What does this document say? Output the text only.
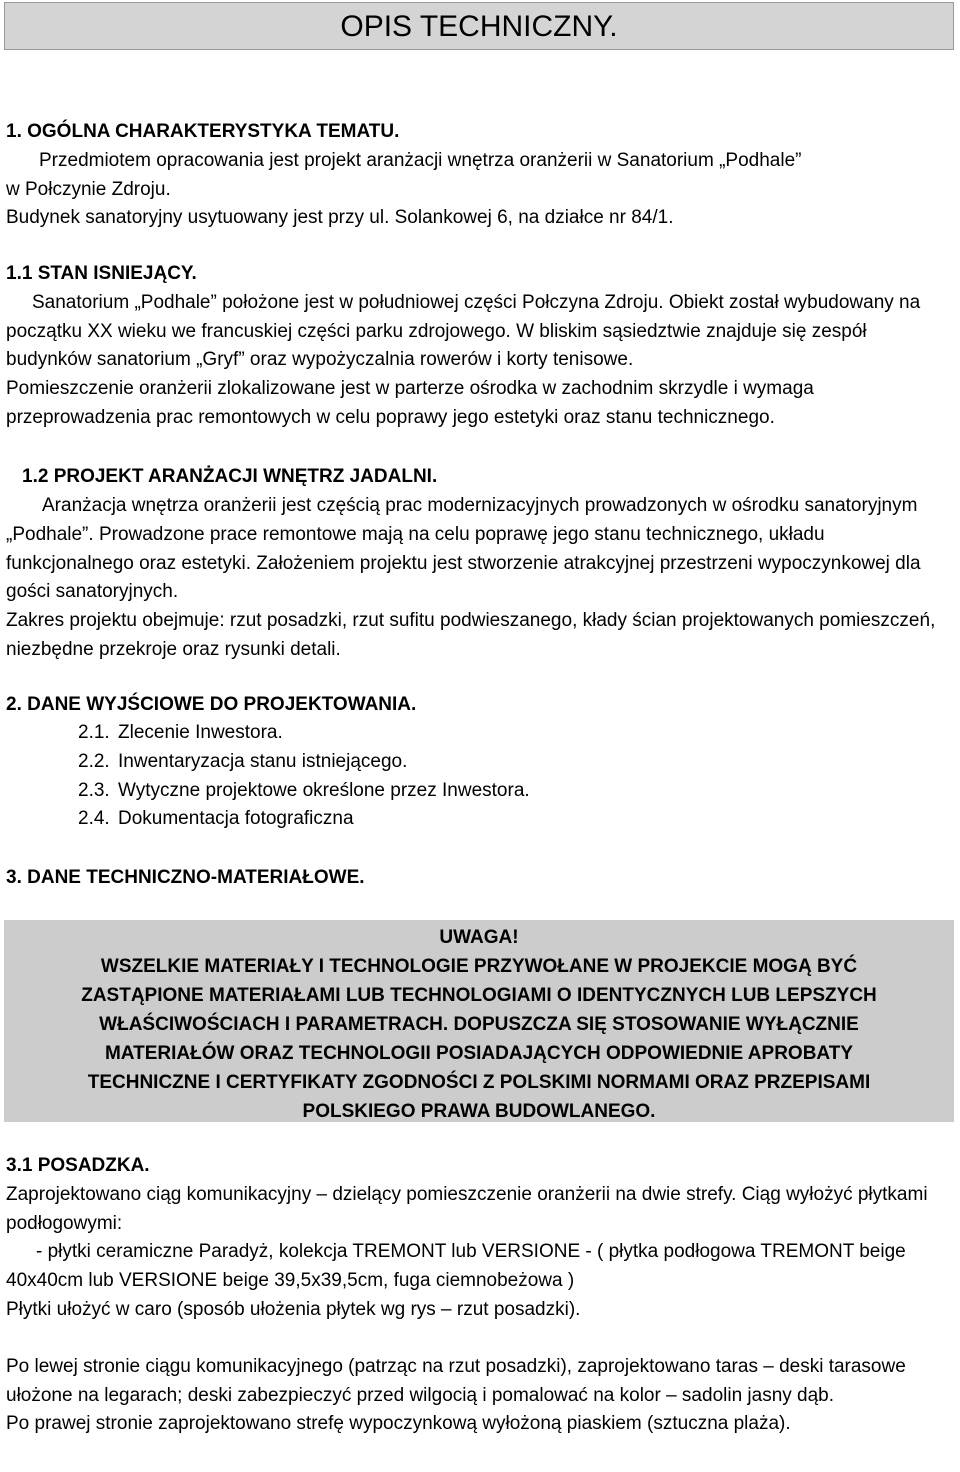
OPIS TECHNICZNY.

1. OGÓLNA CHARAKTERYSTYKA TEMATU.

Przedmiotem opracowania jest projekt aranżacji wnętrza oranżerii w Sanatorium „Podhale”

w Połczynie Zdroju.

Budynek sanatoryjny usytuowany jest przy ul. Solankowej 6, na działce nr 84/1.

1.1 STAN ISNIEJĄCY.

Sanatorium „Podhale” położone jest w południowej części Połczyna Zdroju. Obiekt został wybudowany na początku XX wieku we francuskiej części parku zdrojowego. W bliskim sąsiedztwie znajduje się zespół budynków sanatorium „Gryf” oraz wypożyczalnia rowerów i korty tenisowe.

Pomieszczenie oranżerii zlokalizowane jest w parterze ośrodka w zachodnim skrzydle i wymaga przeprowadzenia prac remontowych w celu poprawy jego estetyki oraz stanu technicznego.

1.2 PROJEKT ARANŻACJI WNĘTRZ JADALNI.

Aranżacja wnętrza oranżerii jest częścią prac modernizacyjnych prowadzonych w ośrodku sanatoryjnym „Podhale”. Prowadzone prace remontowe mają na celu poprawę jego stanu technicznego, układu funkcjonalnego oraz estetyki. Założeniem projektu jest stworzenie atrakcyjnej przestrzeni wypoczynkowej dla gości sanatoryjnych.

Zakres projektu obejmuje: rzut posadzki, rzut sufitu podwieszanego, kłady ścian projektowanych pomieszczeń, niezbędne przekroje oraz rysunki detali.

2. DANE WYJŚCIOWE DO PROJEKTOWANIA.

2.1. Zlecenie Inwestora.
2.2. Inwentaryzacja stanu istniejącego.
2.3. Wytyczne projektowe określone przez Inwestora.
2.4. Dokumentacja fotograficzna

3. DANE TECHNICZNO-MATERIAŁOWE.

UWAGA!

WSZELKIE MATERIAŁY I TECHNOLOGIE PRZYWOŁANE W PROJEKCIE MOGĄ BYĆ

ZASTĄPIONE MATERIAŁAMI LUB TECHNOLOGIAMI O IDENTYCZNYCH LUB LEPSZYCH

WŁAŚCIWOŚCIACH I PARAMETRACH. DOPUSZCZA SIĘ STOSOWANIE WYŁĄCZNIE

MATERIAŁÓW ORAZ TECHNOLOGII POSIADAJĄCYCH ODPOWIEDNIE APROBATY

TECHNICZNE I CERTYFIKATY ZGODNOŚCI Z POLSKIMI NORMAMI ORAZ PRZEPISAMI

POLSKIEGO PRAWA BUDOWLANEGO.

3.1 POSADZKA.

Zaprojektowano ciąg komunikacyjny – dzielący pomieszczenie oranżerii na dwie strefy. Ciąg wyłożyć płytkami podłogowymi:

- płytki ceramiczne Paradyż, kolekcja TREMONT lub VERSIONE - ( płytka podłogowa TREMONT beige 40x40cm lub VERSIONE beige 39,5x39,5cm, fuga ciemnobeżowa )

Płytki ułożyć w caro (sposób ułożenia płytek wg rys – rzut posadzki).

Po lewej stronie ciągu komunikacyjnego (patrząc na rzut posadzki), zaprojektowano taras – deski tarasowe ułożone na legarach; deski zabezpieczyć przed wilgocią i pomalować na kolor – sadolin jasny dąb.

Po prawej stronie zaprojektowano strefę wypoczynkową wyłożoną piaskiem (sztuczna plaża).
